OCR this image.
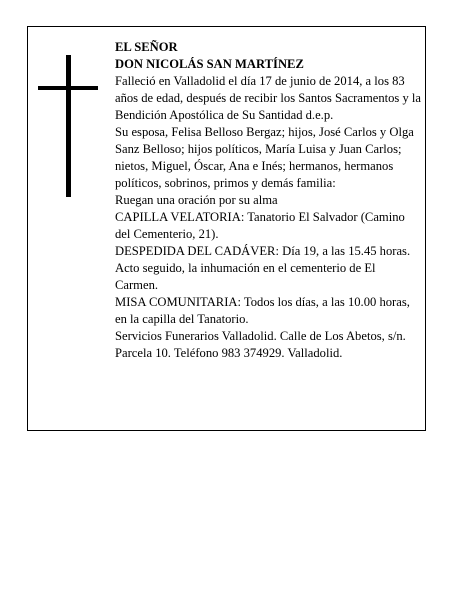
EL SEÑOR

DON NICOLÁS SAN MARTÍNEZ

Falleció en Valladolid el día 17 de junio de 2014, a los 83 años de edad, después de recibir los Santos Sacramentos y la Bendición Apostólica de Su Santidad d.e.p.

Su esposa, Felisa Belloso Bergaz; hijos, José Carlos y Olga Sanz Belloso; hijos políticos, María Luisa y Juan Carlos; nietos, Miguel, Óscar, Ana e Inés; hermanos, hermanos políticos, sobrinos, primos y demás familia:

Ruegan una oración por su alma

CAPILLA VELATORIA: Tanatorio El Salvador (Camino del Cementerio, 21).

DESPEDIDA DEL CADÁVER: Día 19, a las 15.45 horas. Acto seguido, la inhumación en el cementerio de El Carmen.

MISA COMUNITARIA: Todos los días, a las 10.00 horas, en la capilla del Tanatorio.

Servicios Funerarios Valladolid. Calle de Los Abetos, s/n. Parcela 10. Teléfono 983 374929. Valladolid.
